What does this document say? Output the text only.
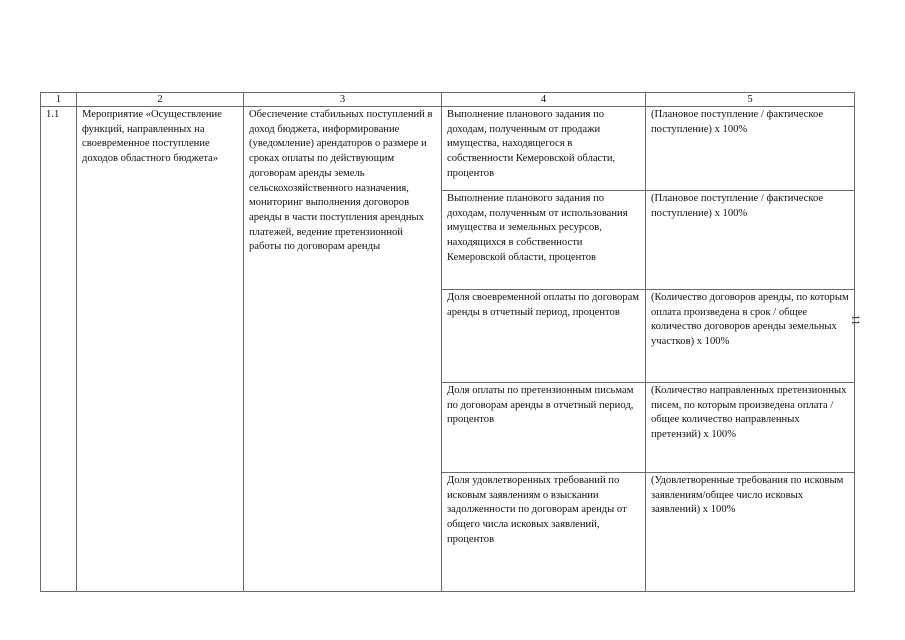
1	2	3	4	5
1.1	Мероприятие «Осуществление функций, направленных на своевременное поступление доходов областного бюджета»	Обеспечение стабильных поступлений в доход бюджета, информирование (уведомление) арендаторов о размере и сроках оплаты по действующим договорам аренды земель сельскохозяйственного назначения, мониторинг выполнения договоров аренды в части поступления арендных платежей, ведение претензионной работы по договорам аренды	Выполнение планового задания по доходам, полученным от продажи имущества, находящегося в собственности Кемеровской области, процентов	(Плановое поступление / фактическое поступление) x 100%
			Выполнение планового задания по доходам, полученным от использования имущества и земельных ресурсов, находящихся в собственности Кемеровской области, процентов	(Плановое поступление / фактическое поступление) x 100%
			Доля своевременной оплаты по договорам аренды в отчетный период, процентов	(Количество договоров аренды, по которым оплата произведена в срок / общее количество договоров аренды земельных участков) x 100%
			Доля оплаты по претензионным письмам по договорам аренды в отчетный период, процентов	(Количество направленных претензионных писем, по которым произведена оплата / общее количество направленных претензий) x 100%
			Доля удовлетворенных требований по исковым заявлениям о взыскании задолженности по договорам аренды от общего числа исковых заявлений, процентов	(Удовлетворенные требования по исковым заявлениям/общее число исковых заявлений) x 100%
11
